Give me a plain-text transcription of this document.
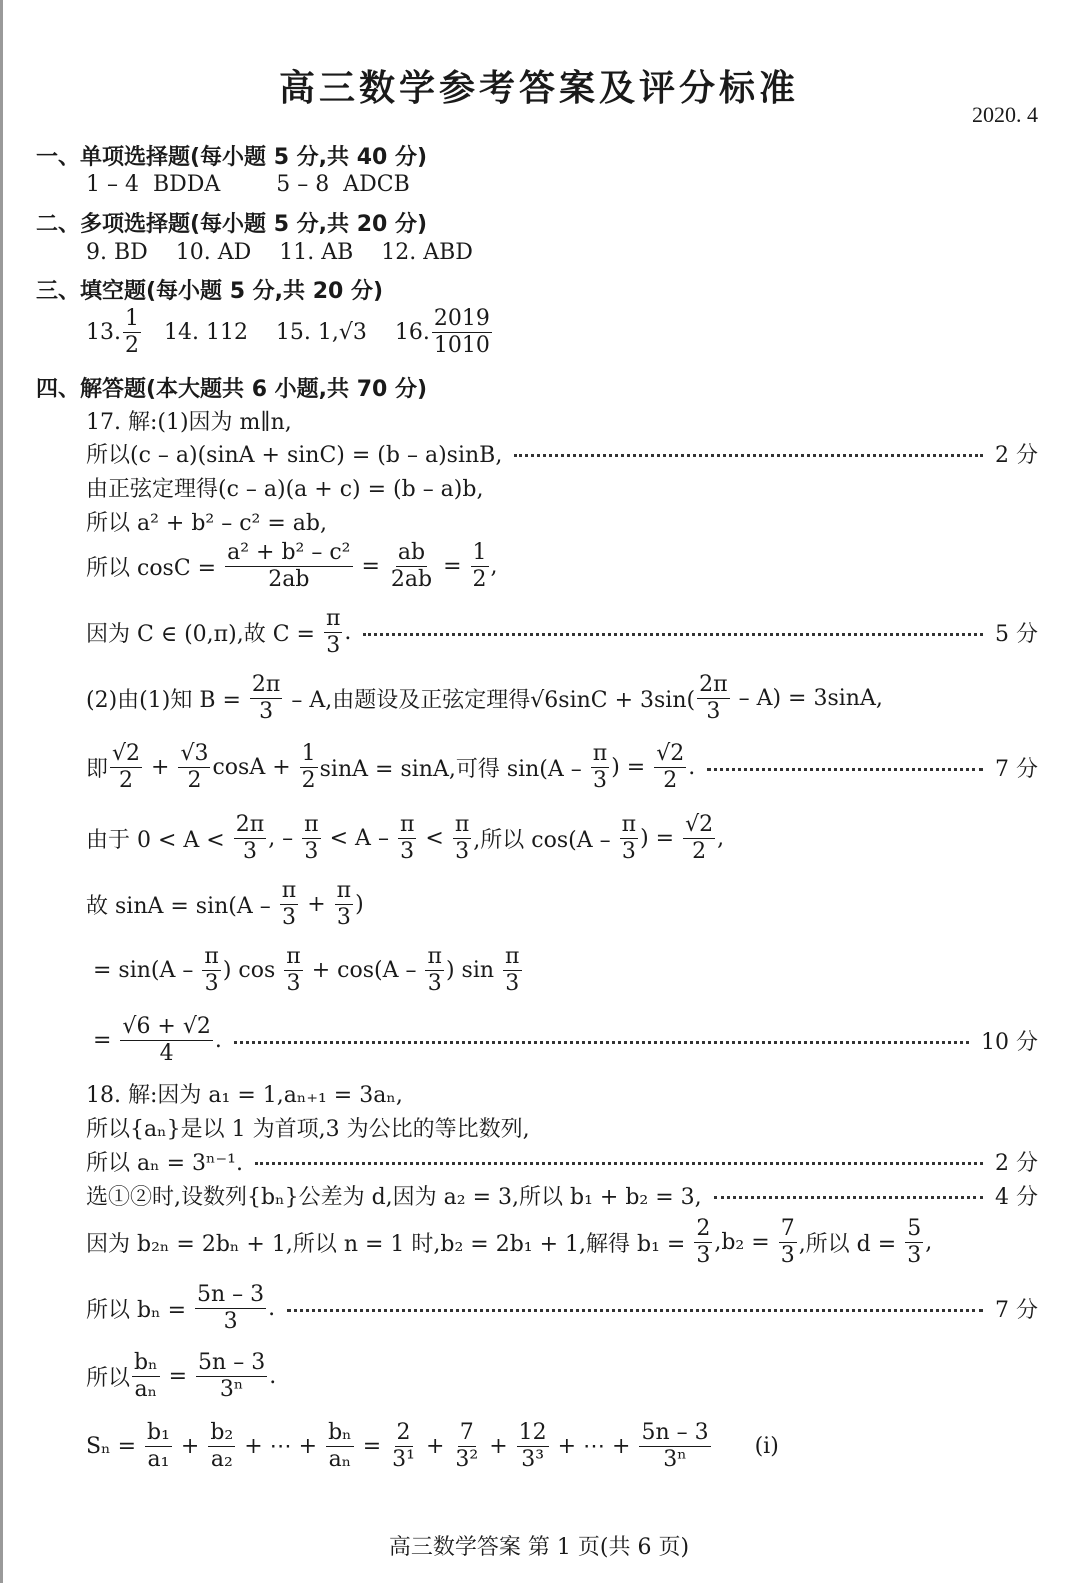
高三数学参考答案及评分标准
2020. 4
一、单项选择题(每小题 5 分,共 40 分)
1 – 4  BDDA        5 – 8  ADCB
二、多项选择题(每小题 5 分,共 20 分)
9. BD    10. AD    11. AB    12. ABD
三、填空题(每小题 5 分,共 20 分)
13. $\frac{1}{2} 14$. 112    15. 1,√3    16. $\frac{2019}{1010}$
四、解答题(本大题共 6 小题,共 70 分)
17. 解:(1)因为 m∥n,
所以(c – a)(sinA + sinC) = (b – a)sinB,	2 分
由正弦定理得(c – a)(a + c) = (b – a)b,
所以 a² + b² – c² = ab,
所以 $\cos C = \frac{\text{a² + b² – c²}}{2ab} = \frac{ab}{2ab} = \frac{1}{2}$ ,
因为 C ∈ (0,π),故 $C = \frac{\pi}{3}$ .	5 分
(2)由(1)知 $B = \frac{2\pi}{3} - A$,由题设及正弦定理得$√6\sin C + 3\sin( \frac{2\pi}{3} - A) = 3\sin A$,
即 $\frac{√2}{2} + \frac{√3}{2}$ $\cos A + \frac{1}{2}$ sinA = sinA,可得 $\sin(A - \frac{\pi}{3}$ ) = $\frac{√2}{2}$ .	7 分
由于 $0 < A < \frac{2\pi}{3}$ , – $\frac{\pi}{3} < A - \frac{\pi}{3} < \frac{\pi}{3}$ ,所以 $\cos(A - \frac{\pi}{3}$ ) = $\frac{√2}{2}$ ,
故 $\sin A = \sin(A - \frac{\pi}{3} + \frac{\pi}{3}$ )
= $\sin(A - \frac{\pi}{3}$ ) $\cos \frac{\pi}{3} + \cos(A - \frac{\pi}{3}$ ) $\sin \frac{\pi}{3}$
= $\frac{√6 + √2}{4}$ .	10 分
18. 解:因为 a₁ = 1,aₙ₊₁ = 3aₙ,
所以{aₙ}是以 1 为首项,3 为公比的等比数列,
所以 aₙ = 3ⁿ⁻¹.	2 分
选①②时,设数列{bₙ}公差为 d,因为 a₂ = 3,所以 b₁ + b₂ = 3,	4 分
因为 b₂ₙ = 2bₙ + 1,所以 n = 1 时,b₂ = 2b₁ + 1,解得 $b_1 = \frac{2}{3} ,b_2 = \frac{7}{3}$ ,所以 $d = \frac{5}{3}$ ,
所以 $b_n = \frac{5n - 3}{3}$ .	7 分
所以 $\frac{\text{bₙ}}{\text{aₙ}} = \frac{5n - 3}{\text{3ⁿ}}$ .
$S_n = \frac{\text{b₁}}{\text{a₁}} + \frac{\text{b₂}}{\text{a₂}}$ + ⋯ + $\frac{\text{bₙ}}{\text{aₙ}} = \frac{2}{\text{3¹}} + \frac{7}{\text{3²}} + \frac{12}{\text{3³}}$ + ⋯ + $\frac{5n - 3}{\text{3ⁿ}}$ (ⅰ)
高三数学答案 第 1 页(共 6 页)
